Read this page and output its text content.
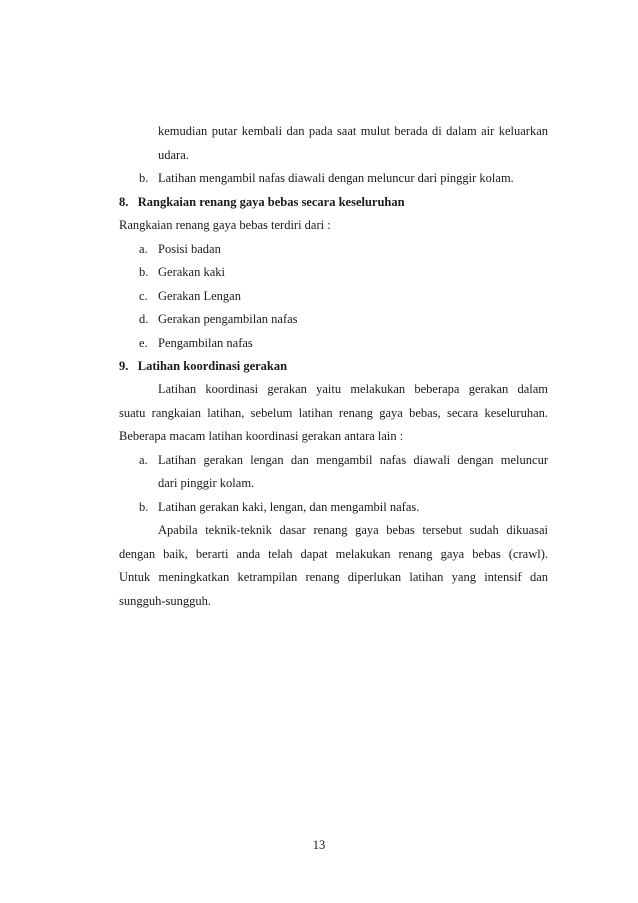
kemudian putar kembali dan pada saat mulut berada di dalam air keluarkan
udara.
b. Latihan mengambil nafas diawali dengan meluncur dari pinggir kolam.
8.   Rangkaian renang gaya bebas secara keseluruhan
Rangkaian renang gaya bebas terdiri dari :
a. Posisi badan
b. Gerakan kaki
c. Gerakan Lengan
d. Gerakan pengambilan nafas
e. Pengambilan nafas
9.   Latihan koordinasi gerakan
Latihan koordinasi gerakan yaitu melakukan beberapa gerakan dalam
suatu rangkaian latihan, sebelum latihan renang gaya bebas, secara keseluruhan.
Beberapa macam latihan koordinasi gerakan antara lain :
a. Latihan gerakan lengan dan mengambil nafas diawali dengan meluncur
dari pinggir kolam.
b. Latihan gerakan kaki, lengan, dan mengambil nafas.
Apabila teknik-teknik dasar renang gaya bebas tersebut sudah dikuasai
dengan baik, berarti anda telah dapat melakukan renang gaya bebas (crawl).
Untuk meningkatkan ketrampilan renang diperlukan latihan yang intensif dan
sungguh-sungguh.
13
